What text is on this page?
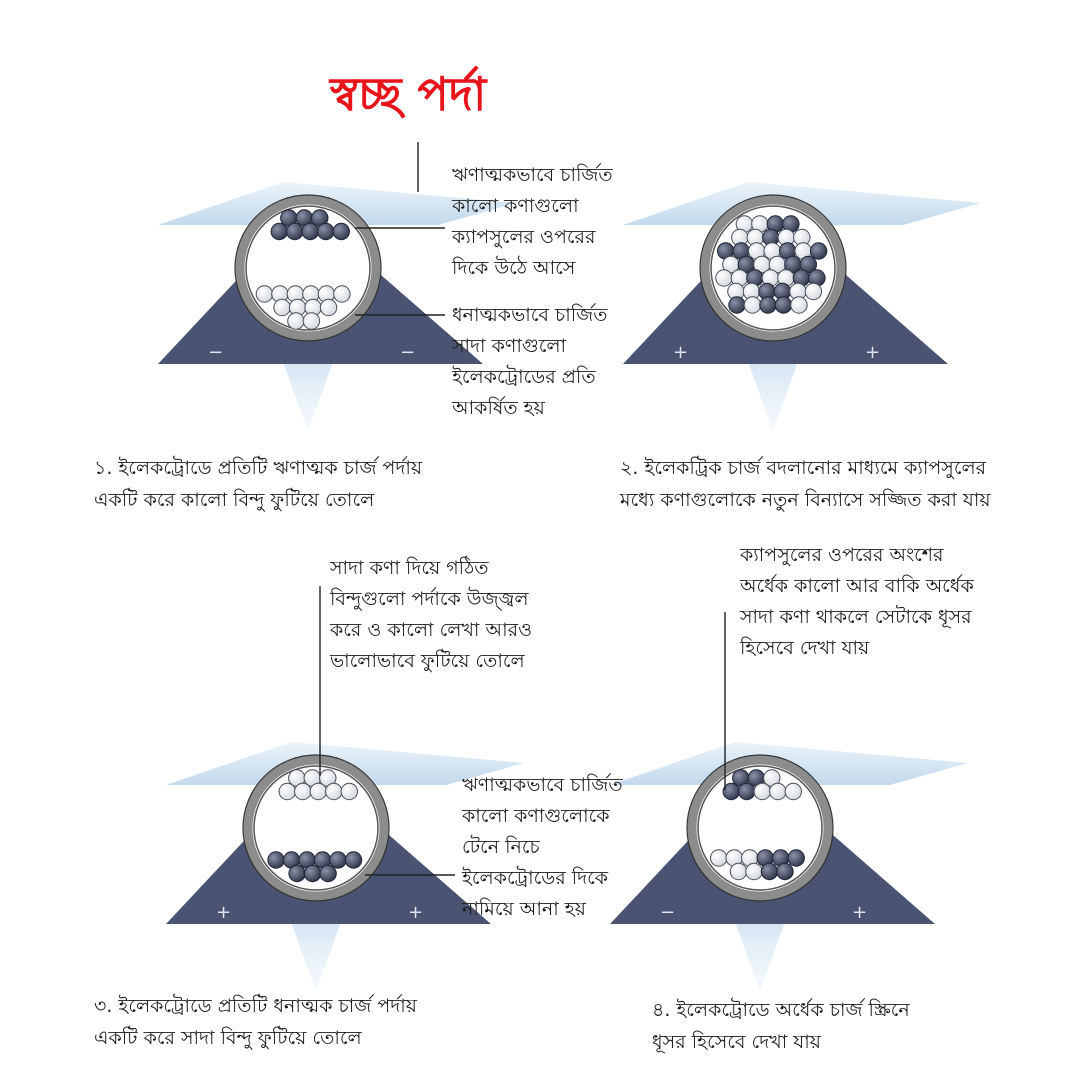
−	−	+	+
+	+	−	+
স্বচ্ছ পর্দা
ঋণাত্মকভাবে চার্জিত
কালো কণাগুলো
ক্যাপসুলের ওপরের
দিকে উঠে আসে
ধনাত্মকভাবে চার্জিত
সাদা কণাগুলো
ইলেকট্রোডের প্রতি
আকর্ষিত হয়
১. ইলেকট্রোডে প্রতিটি ঋণাত্মক চার্জ পর্দায়
একটি করে কালো বিন্দু ফুটিয়ে তোলে
২. ইলেকট্রিক চার্জ বদলানোর মাধ্যমে ক্যাপসুলের
মধ্যে কণাগুলোকে নতুন বিন্যাসে সজ্জিত করা যায়
সাদা কণা দিয়ে গঠিত
বিন্দুগুলো পর্দাকে উজ্জ্বল
করে ও কালো লেখা আরও
ভালোভাবে ফুটিয়ে তোলে
ঋণাত্মকভাবে চার্জিত
কালো কণাগুলোকে
টেনে নিচে
ইলেকট্রোডের দিকে
নামিয়ে আনা হয়
৩. ইলেকট্রোডে প্রতিটি ধনাত্মক চার্জ পর্দায়
একটি করে সাদা বিন্দু ফুটিয়ে তোলে
ক্যাপসুলের ওপরের অংশের
অর্ধেক কালো আর বাকি অর্ধেক
সাদা কণা থাকলে সেটাকে ধূসর
হিসেবে দেখা যায়
৪. ইলেকট্রোডে অর্ধেক চার্জ স্ক্রিনে
ধূসর হিসেবে দেখা যায়
